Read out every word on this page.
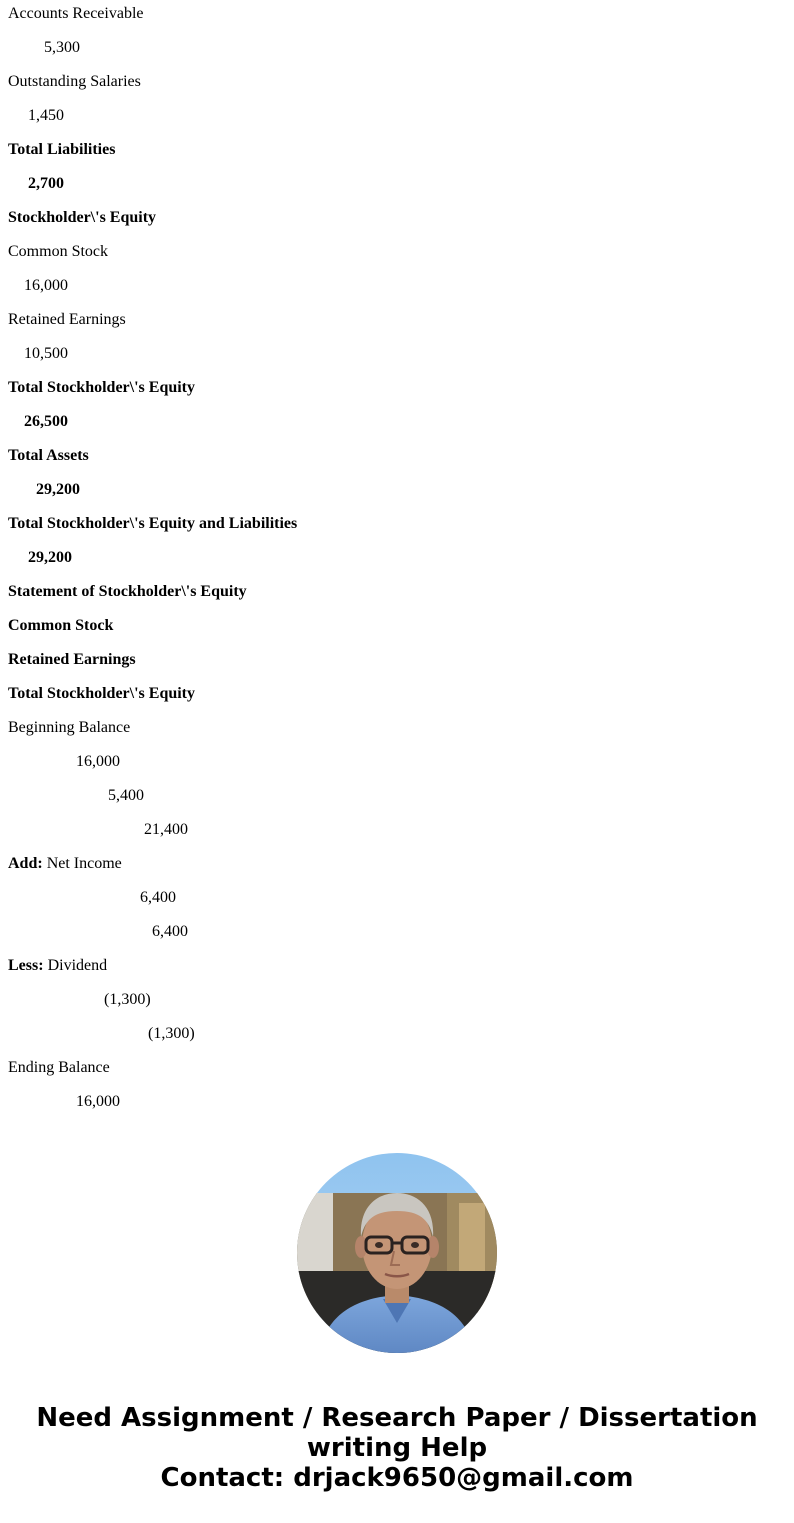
Accounts Receivable
5,300
Outstanding Salaries
1,450
Total Liabilities
2,700
Stockholder\'s Equity
Common Stock
16,000
Retained Earnings
10,500
Total Stockholder\'s Equity
26,500
Total Assets
29,200
Total Stockholder\'s Equity and Liabilities
29,200
Statement of Stockholder\'s Equity
Common Stock
Retained Earnings
Total Stockholder\'s Equity
Beginning Balance
16,000
5,400
21,400
Add: Net Income
6,400
6,400
Less: Dividend
(1,300)
(1,300)
Ending Balance
16,000
Need Assignment / Research Paper / Dissertation
writing Help
Contact: drjack9650@gmail.com
